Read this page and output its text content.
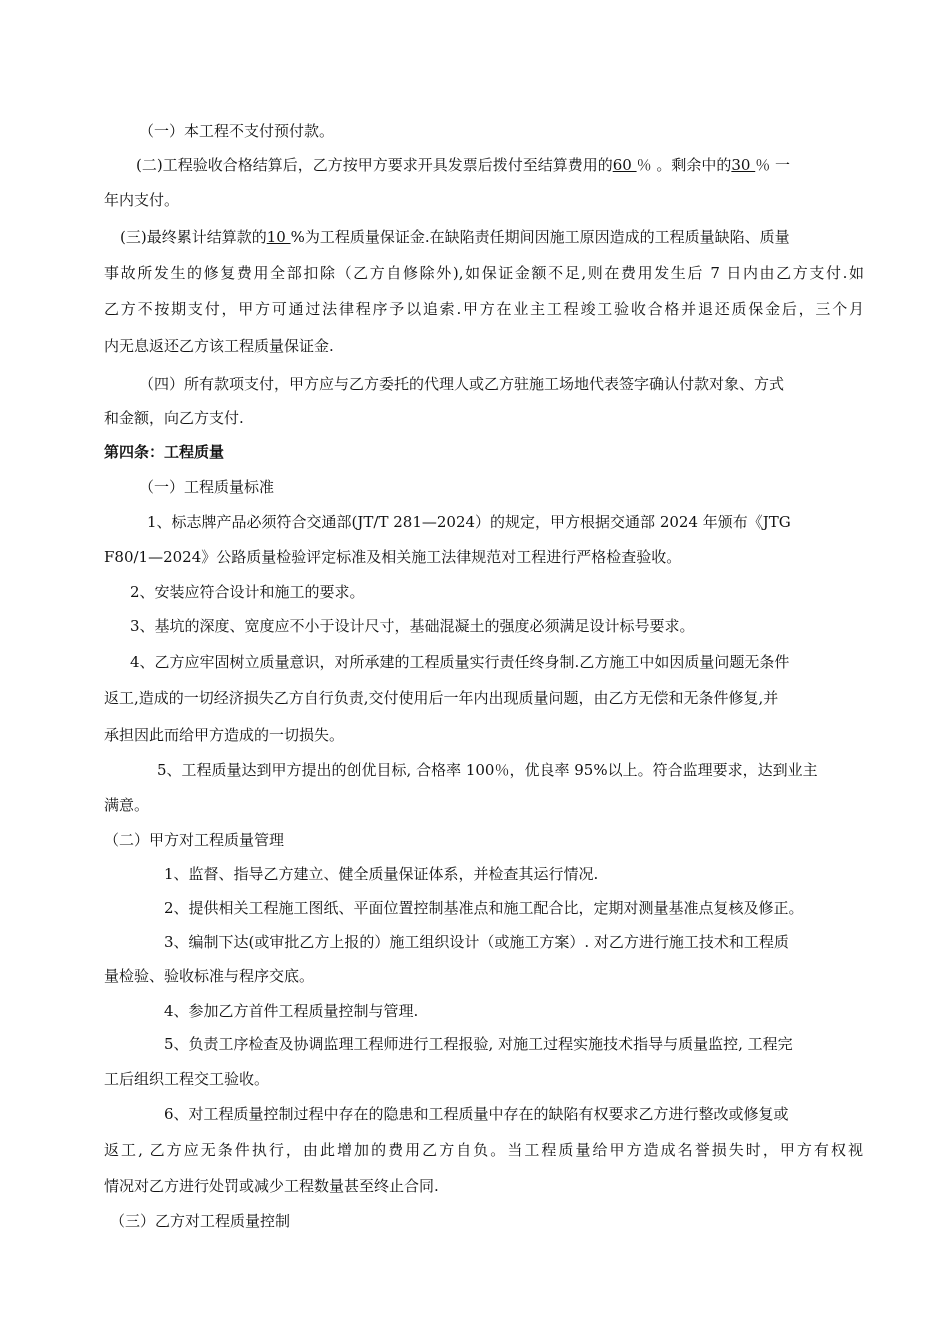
（一）本工程不支付预付款。
(二)工程验收合格结算后，乙方按甲方要求开具发票后拨付至结算费用的60 ％ 。剩余中的30 ％ 一
年内支付。
(三)最终累计结算款的10 %为工程质量保证金.在缺陷责任期间因施工原因造成的工程质量缺陷、质量
事故所发生的修复费用全部扣除（乙方自修除外),如保证金额不足,则在费用发生后 7 日内由乙方支付.如
乙方不按期支付，甲方可通过法律程序予以追索.甲方在业主工程竣工验收合格并退还质保金后，三个月
内无息返还乙方该工程质量保证金.
（四）所有款项支付，甲方应与乙方委托的代理人或乙方驻施工场地代表签字确认付款对象、方式
和金额，向乙方支付.
第四条：工程质量
（一）工程质量标准
1、标志牌产品必须符合交通部(JT/T 281—2024）的规定，甲方根据交通部 2024 年颁布《JTG
F80/1—2024》公路质量检验评定标准及相关施工法律规范对工程进行严格检查验收。
2、安装应符合设计和施工的要求。
3、基坑的深度、宽度应不小于设计尺寸，基础混凝土的强度必须满足设计标号要求。
4、乙方应牢固树立质量意识，对所承建的工程质量实行责任终身制.乙方施工中如因质量问题无条件
返工,造成的一切经济损失乙方自行负责,交付使用后一年内出现质量问题，由乙方无偿和无条件修复,并
承担因此而给甲方造成的一切损失。
5、工程质量达到甲方提出的创优目标, 合格率 100％，优良率 95%以上。符合监理要求，达到业主
满意。
（二）甲方对工程质量管理
1、监督、指导乙方建立、健全质量保证体系，并检查其运行情况.
2、提供相关工程施工图纸、平面位置控制基准点和施工配合比，定期对测量基准点复核及修正。
3、编制下达(或审批乙方上报的）施工组织设计（或施工方案）. 对乙方进行施工技术和工程质
量检验、验收标准与程序交底。
4、参加乙方首件工程质量控制与管理.
5、负责工序检查及协调监理工程师进行工程报验, 对施工过程实施技术指导与质量监控, 工程完
工后组织工程交工验收。
6、对工程质量控制过程中存在的隐患和工程质量中存在的缺陷有权要求乙方进行整改或修复或
返工, 乙方应无条件执行，由此增加的费用乙方自负。当工程质量给甲方造成名誉损失时，甲方有权视
情况对乙方进行处罚或减少工程数量甚至终止合同.
（三）乙方对工程质量控制
